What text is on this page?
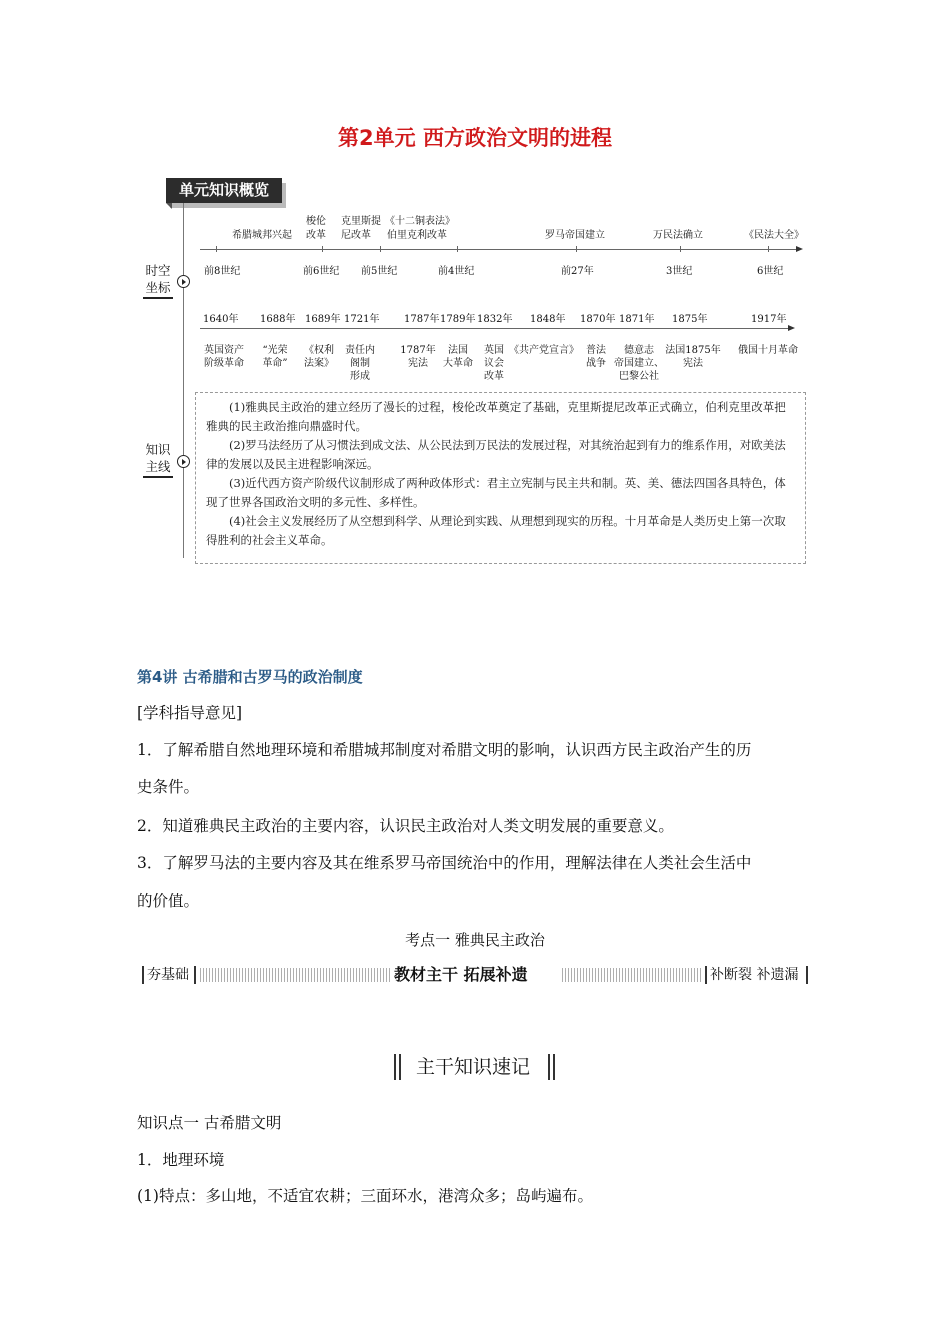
第2单元 西方政治文明的进程
单元知识概览
时空
坐标
知识
主线
希腊城邦兴起
梭伦
改革
克里斯提
尼改革
《十二铜表法》
伯里克利改革	罗马帝国建立	万民法确立	《民法大全》
前8世纪	前6世纪 前5世纪	前4世纪	前27年	3世纪	6世纪
1640年 1688年 1689年 1721年 1787年 1789年 1832年 1848年 1870年 1871年 1875年	1917年
英国资产
阶级革命
“光荣
革命”
《权利
法案》
责任内
阁制
形成
1787年
宪法
法国
大革命
英国
议会
改革
《共产党宣言》 普法
战争
德意志
帝国建立、
巴黎公社
法国1875年
宪法
俄国十月革命

(1)雅典民主政治的建立经历了漫长的过程，梭伦改革奠定了基础，克里斯提尼改革正式确立，伯利克里改革把雅典的民主政治推向鼎盛时代。

(2)罗马法经历了从习惯法到成文法、从公民法到万民法的发展过程，对其统治起到有力的维系作用，对欧美法律的发展以及民主进程影响深远。

(3)近代西方资产阶级代议制形成了两种政体形式：君主立宪制与民主共和制。英、美、德法四国各具特色，体现了世界各国政治文明的多元性、多样性。

(4)社会主义发展经历了从空想到科学、从理论到实践、从理想到现实的历程。十月革命是人类历史上第一次取得胜利的社会主义革命。

第4讲 古希腊和古罗马的政治制度
[学科指导意见]
1．了解希腊自然地理环境和希腊城邦制度对希腊文明的影响，认识西方民主政治产生的历
史条件。
2．知道雅典民主政治的主要内容，认识民主政治对人类文明发展的重要意义。
3．了解罗马法的主要内容及其在维系罗马帝国统治中的作用，理解法律在人类社会生活中
的价值。
考点一 雅典民主政治
夯基础	教材主干 拓展补遗	补断裂 补遗漏
主干知识速记
知识点一 古希腊文明
1．地理环境
(1)特点：多山地，不适宜农耕；三面环水，港湾众多；岛屿遍布。
